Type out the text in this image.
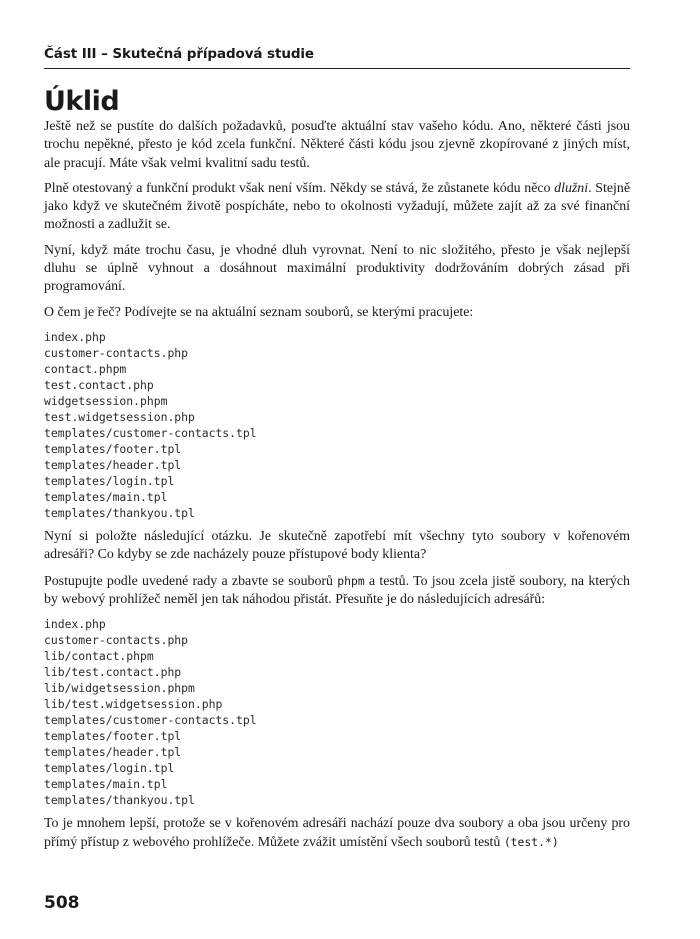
Část III – Skutečná případová studie
Úklid

Ještě než se pustíte do dalších požadavků, posuďte aktuální stav vašeho kódu. Ano, některé části jsou trochu nepěkné, přesto je kód zcela funkční. Některé části kódu jsou zjevně zkopírované z jiných míst, ale pracují. Máte však velmi kvalitní sadu testů.

Plně otestovaný a funkční produkt však není vším. Někdy se stává, že zůstanete kódu něco dlužni. Stejně jako když ve skutečném životě pospícháte, nebo to okolnosti vyžadují, můžete zajít až za své finanční možnosti a zadlužit se.

Nyní, když máte trochu času, je vhodné dluh vyrovnat. Není to nic složitého, přesto je však nejlepší dluhu se úplně vyhnout a dosáhnout maximální produktivity dodržováním dobrých zásad při programování.

O čem je řeč? Podívejte se na aktuální seznam souborů, se kterými pracujete:

index.php
customer-contacts.php
contact.phpm
test.contact.php
widgetsession.phpm
test.widgetsession.php
templates/customer-contacts.tpl
templates/footer.tpl
templates/header.tpl
templates/login.tpl
templates/main.tpl
templates/thankyou.tpl

Nyní si položte následující otázku. Je skutečně zapotřebí mít všechny tyto soubory v kořenovém adresáři? Co kdyby se zde nacházely pouze přístupové body klienta?

Postupujte podle uvedené rady a zbavte se souborů phpm a testů. To jsou zcela jistě soubory, na kterých by webový prohlížeč neměl jen tak náhodou přistát. Přesuňte je do následujících adresářů:

index.php
customer-contacts.php
lib/contact.phpm
lib/test.contact.php
lib/widgetsession.phpm
lib/test.widgetsession.php
templates/customer-contacts.tpl
templates/footer.tpl
templates/header.tpl
templates/login.tpl
templates/main.tpl
templates/thankyou.tpl

To je mnohem lepší, protože se v kořenovém adresáři nachází pouze dva soubory a oba jsou určeny pro přímý přístup z webového prohlížeče. Můžete zvážit umístění všech souborů testů (test.*)

508
